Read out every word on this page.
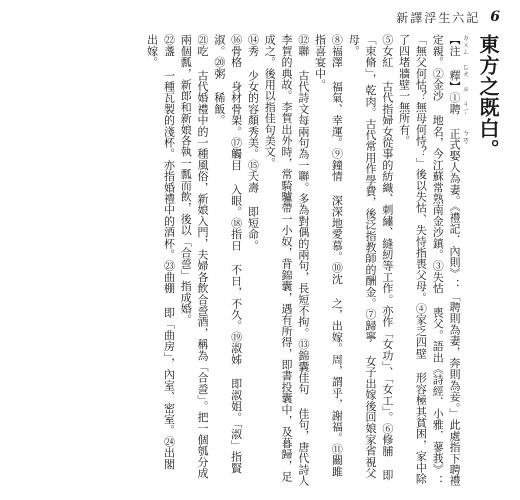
新譯浮生六記 6
東方之既白。
ㄉㄨㄥ ㄈㄤ ㄓ ㄐㄧˋ ㄅㄞˊ

【注 釋】①聘 正式娶人為妻。《禮記．內則》：「聘則為妻，奔則為妾。」此處指下聘禮定親。②金沙 地名，今江蘇常熟南金沙鎮。③失怙 喪父。語出《詩經．小雅．蓼莪》：「無父何怙？無母何恃？」後以失怙、失恃指喪父母。④家乏四壁 形容極其貧困，家中除了四堵牆壁一無所有。

⑤女紅 古代指婦女從事的紡織、刺繡、縫紉等工作。亦作「女功」、「女工」。⑥修脯 即「束脩」，乾肉。古代常用作學費，後泛指教師的酬金。⑦歸寧 女子出嫁後回娘家省視父母。

⑧福澤 福氣、幸運。⑨鐘情 深深地愛慕。⑩沈 之，出嫁。周，謂乎，謝福。⑪關雎 指喜宴中。

⑫聯 古代詩文每兩句為一聯。多為對偶的兩句，長短不拘。⑬錦囊佳句 佳句，唐代詩人李賀的典故。李賀出外時，常騎驢帶一小奴，背錦囊，遇有所得，即書投囊中，及暮歸，足成之。後用以指佳句美文。

⑭秀 少女的容顏秀美。⑮夭壽 即短命。

⑯骨格 身材骨架。⑰觸目 入眼。⑱指日 不日，不久。⑲淑姊 即淑姐。「淑」指賢淑。⑳粥 稀飯。

㉑吃 古代婚禮中的一種風俗，新娘入門，夫婦各飲合巹酒，稱為「合巹」。把一個瓠分成兩個瓢，新郎和新娘各執一瓢而飲，後以「合巹」指成婚。

㉒盞 一種瓦製的淺杯。亦指婚禮中的酒杯。㉓曲棚 即「曲房」，內室、密室。㉔出閣 出嫁。
